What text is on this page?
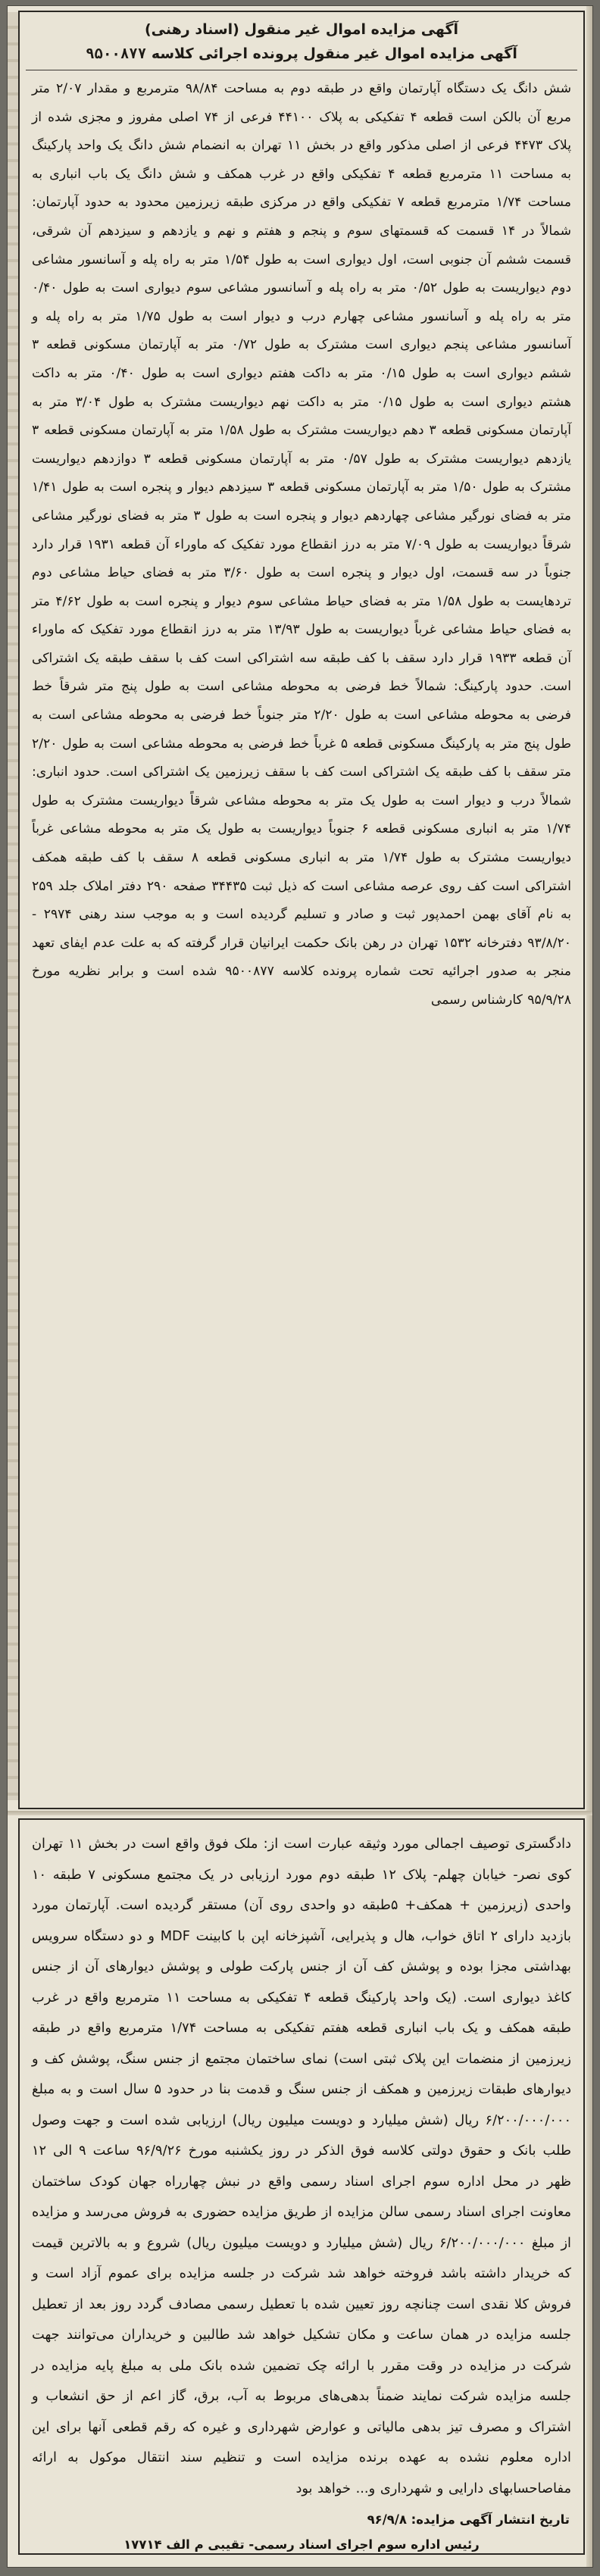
آگهی مزایده اموال غیر منقول (اسناد رهنی)
آگهی مزایده اموال غیر منقول پرونده اجرائی کلاسه ۹۵۰۰۸۷۷
شش دانگ یک دستگاه آپارتمان واقع در طبقه دوم به مساحت ۹۸/۸۴ مترمربع و مقدار ۲/۰۷ متر مربع آن بالکن است قطعه ۴ تفکیکی به پلاک ۴۴۱۰۰ فرعی از ۷۴ اصلی مفروز و مجزی شده از پلاک ۴۴۷۳ فرعی از اصلی مذکور واقع در بخش ۱۱ تهران به انضمام شش دانگ یک واحد پارکینگ به مساحت ۱۱ مترمربع قطعه ۴ تفکیکی واقع در غرب همکف و شش دانگ یک باب انباری به مساحت ۱/۷۴ مترمربع قطعه ۷ تفکیکی واقع در مرکزی طبقه زیرزمین محدود به حدود آپارتمان: شمالاً در ۱۴ قسمت که قسمتهای سوم و پنجم و هفتم و نهم و یازدهم و سیزدهم آن شرقی، قسمت ششم آن جنوبی است، اول دیواری است به طول ۱/۵۴ متر به راه پله و آسانسور مشاعی دوم دیواریست به طول ۰/۵۲ متر به راه پله و آسانسور مشاعی سوم دیواری است به طول ۰/۴۰ متر به راه پله و آسانسور مشاعی چهارم درب و دیوار است به طول ۱/۷۵ متر به راه پله و آسانسور مشاعی پنجم دیواری است مشترک به طول ۰/۷۲ متر به آپارتمان مسکونی قطعه ۳ ششم دیواری است به طول ۰/۱۵ متر به داکت هفتم دیواری است به طول ۰/۴۰ متر به داکت هشتم دیواری است به طول ۰/۱۵ متر به داکت نهم دیواریست مشترک به طول ۳/۰۴ متر به آپارتمان مسکونی قطعه ۳ دهم دیواریست مشترک به طول ۱/۵۸ متر به آپارتمان مسکونی قطعه ۳ یازدهم دیواریست مشترک به طول ۰/۵۷ متر به آپارتمان مسکونی قطعه ۳ دوازدهم دیواریست مشترک به طول ۱/۵۰ متر به آپارتمان مسکونی قطعه ۳ سیزدهم دیوار و پنجره است به طول ۱/۴۱ متر به فضای نورگیر مشاعی چهاردهم دیوار و پنجره است به طول ۳ متر به فضای نورگیر مشاعی شرقاً دیواریست به طول ۷/۰۹ متر به درز انقطاع مورد تفکیک که ماوراء آن قطعه ۱۹۳۱ قرار دارد جنوباً در سه قسمت، اول دیوار و پنجره است به طول ۳/۶۰ متر به فضای حیاط مشاعی دوم تردهایست به طول ۱/۵۸ متر به فضای حیاط مشاعی سوم دیوار و پنجره است به طول ۴/۶۲ متر به فضای حیاط مشاعی غرباً دیواریست به طول ۱۳/۹۳ متر به درز انقطاع مورد تفکیک که ماوراء آن قطعه ۱۹۳۳ قرار دارد سقف با کف طبقه سه اشتراکی است کف با سقف طبقه یک اشتراکی است. حدود پارکینگ: شمالاً خط فرضی به محوطه مشاعی است به طول پنج متر شرقاً خط فرضی به محوطه مشاعی است به طول ۲/۲۰ متر جنوباً خط فرضی به محوطه مشاعی است به طول پنج متر به پارکینگ مسکونی قطعه ۵ غرباً خط فرضی به محوطه مشاعی است به طول ۲/۲۰ متر سقف با کف طبقه یک اشتراکی است کف با سقف زیرزمین یک اشتراکی است. حدود انباری: شمالاً درب و دیوار است به طول یک متر به محوطه مشاعی شرقاً دیواریست مشترک به طول ۱/۷۴ متر به انباری مسکونی قطعه ۶ جنوباً دیواریست به طول یک متر به محوطه مشاعی غرباً دیواریست مشترک به طول ۱/۷۴ متر به انباری مسکونی قطعه ۸ سقف با کف طبقه همکف اشتراکی است کف روی عرصه مشاعی است که ذیل ثبت ۳۴۴۳۵ صفحه ۲۹۰ دفتر املاک جلد ۲۵۹ به نام آقای بهمن احمدپور ثبت و صادر و تسلیم گردیده است و به موجب سند رهنی ۲۹۷۴ - ۹۳/۸/۲۰ دفترخانه ۱۵۳۲ تهران در رهن بانک حکمت ایرانیان قرار گرفته که به علت عدم ایفای تعهد منجر به صدور اجرائیه تحت شماره پرونده کلاسه ۹۵۰۰۸۷۷ شده است و برابر نظریه مورخ ۹۵/۹/۲۸ کارشناس رسمی
دادگستری توصیف اجمالی مورد وثیقه عبارت است از: ملک فوق واقع است در بخش ۱۱ تهران کوی نصر- خیابان چهلم- پلاک ۱۲ طبقه دوم مورد ارزیابی در یک مجتمع مسکونی ۷ طبقه ۱۰ واحدی (زیرزمین + همکف+ ۵طبقه دو واحدی روی آن) مستقر گردیده است. آپارتمان مورد بازدید دارای ۲ اتاق خواب، هال و پذیرایی، آشپزخانه اپن با کابینت MDF و دو دستگاه سرویس بهداشتی مجزا بوده و پوشش کف آن از جنس پارکت طولی و پوشش دیوارهای آن از جنس کاغذ دیواری است. (یک واحد پارکینگ قطعه ۴ تفکیکی به مساحت ۱۱ مترمربع واقع در غرب طبقه همکف و یک باب انباری قطعه هفتم تفکیکی به مساحت ۱/۷۴ مترمربع واقع در طبقه زیرزمین از منضمات این پلاک ثبتی است) نمای ساختمان مجتمع از جنس سنگ، پوشش کف و دیوارهای طبقات زیرزمین و همکف از جنس سنگ و قدمت بنا در حدود ۵ سال است و به مبلغ ۶/۲۰۰/۰۰۰/۰۰۰ ریال (شش میلیارد و دویست میلیون ریال) ارزیابی شده است و جهت وصول طلب بانک و حقوق دولتی کلاسه فوق الذکر در روز یکشنبه مورخ ۹۶/۹/۲۶ ساعت ۹ الی ۱۲ ظهر در محل اداره سوم اجرای اسناد رسمی واقع در نبش چهارراه جهان کودک ساختمان معاونت اجرای اسناد رسمی سالن مزایده از طریق مزایده حضوری به فروش می‌رسد و مزایده از مبلغ ۶/۲۰۰/۰۰۰/۰۰۰ ریال (شش میلیارد و دویست میلیون ریال) شروع و به بالاترین قیمت که خریدار داشته باشد فروخته خواهد شد شرکت در جلسه مزایده برای عموم آزاد است و فروش کلا نقدی است چنانچه روز تعیین شده با تعطیل رسمی مصادف گردد روز بعد از تعطیل جلسه مزایده در همان ساعت و مکان تشکیل خواهد شد طالبین و خریداران می‌توانند جهت شرکت در مزایده در وقت مقرر با ارائه چک تضمین شده بانک ملی به مبلغ پایه مزایده در جلسه مزایده شرکت نمایند ضمناً بدهی‌های مربوط به آب، برق، گاز اعم از حق انشعاب و اشتراک و مصرف تیز بدهی مالیاتی و عوارض شهرداری و غیره که رقم قطعی آنها برای این اداره معلوم نشده به عهده برنده مزایده است و تنظیم سند انتقال موکول به ارائه مفاصاحسابهای دارایی و شهرداری و... خواهد بود
تاریخ انتشار آگهی مزایده: ۹۶/۹/۸
رئیس اداره سوم اجرای اسناد رسمی- تقیبی م الف ۱۷۷۱۴
